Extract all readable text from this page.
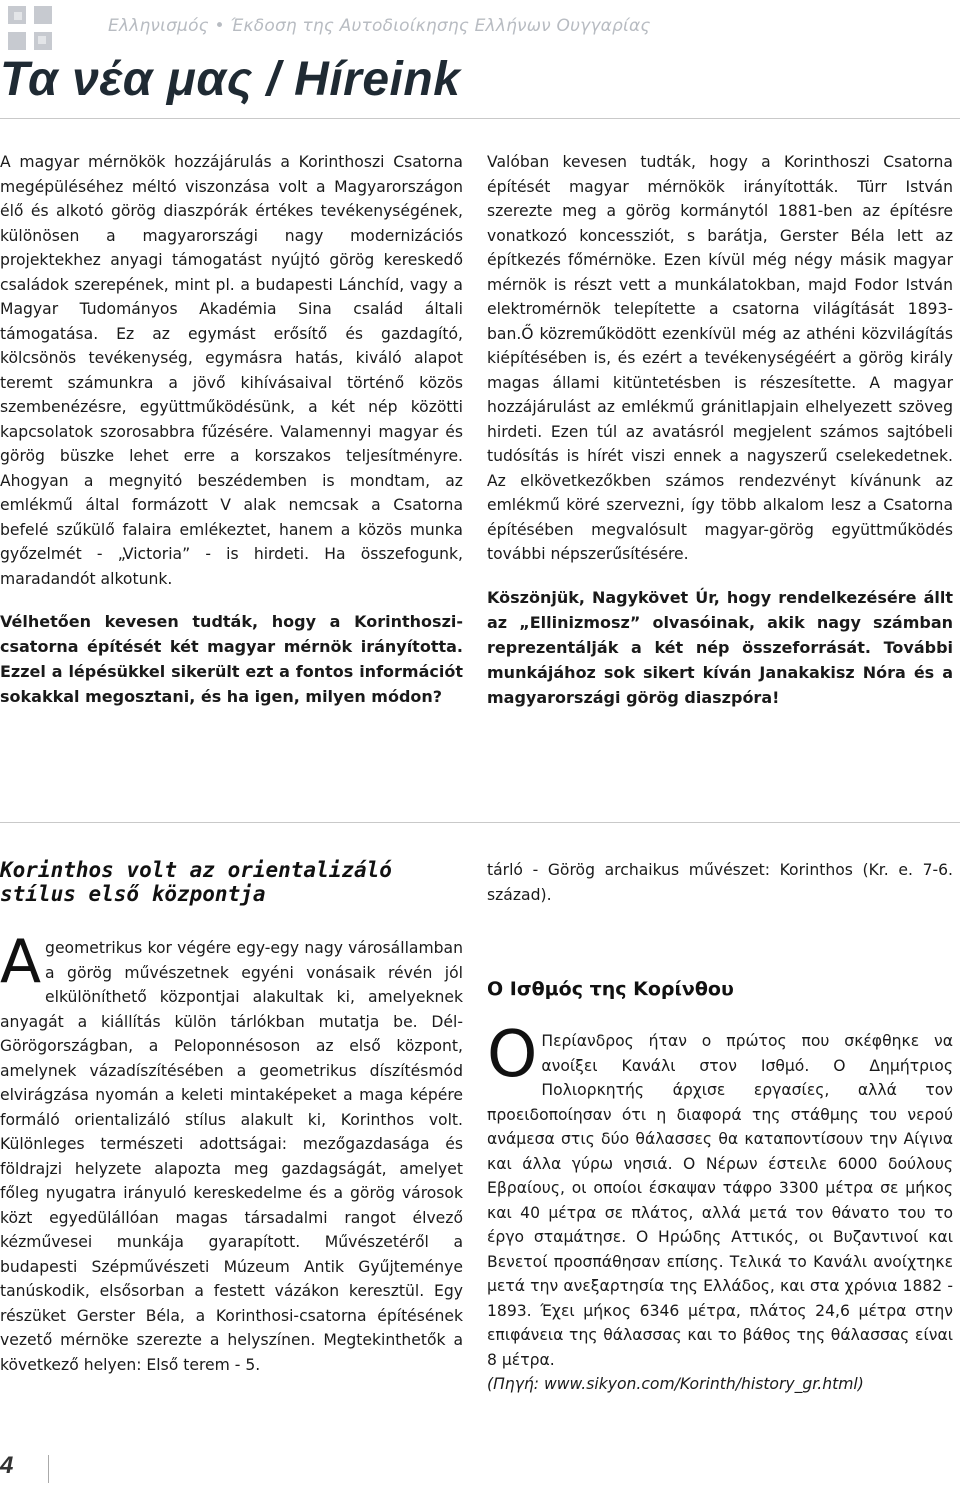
Ελληνισμός • Έκδοση της Αυτοδιοίκησης Ελλήνων Ουγγαρίας
Τα νέα μας / Híreink

A magyar mérnökök hozzájárulás a Korinthoszi Csatorna megépüléséhez méltó viszonzása volt a Magyarországon élő és alkotó görög diaszpórák értékes tevékenységének, különösen a magyarországi nagy modernizációs projektekhez anyagi támogatást nyújtó görög kereskedő családok szerepének, mint pl. a budapesti Lánchíd, vagy a Magyar Tudományos Akadémia Sina család általi támogatása. Ez az egymást erősítő és gazdagító, kölcsönös tevékenység, egymásra hatás, kiváló alapot teremt számunkra a jövő kihívásaival történő közös szembenézésre, együttműködésünk, a két nép közötti kapcsolatok szorosabbra fűzésére. Valamennyi magyar és görög büszke lehet erre a korszakos teljesítményre. Ahogyan a megnyitó beszédemben is mondtam, az emlékmű által formázott V alak nemcsak a Csatorna befelé szűkülő falaira emlékeztet, hanem a közös munka győzelmét - „Victoria” - is hirdeti. Ha összefogunk, maradandót alkotunk.

Vélhetően kevesen tudták, hogy a Korinthoszi-csatorna építését két magyar mérnök irányította. Ezzel a lépésükkel sikerült ezt a fontos információt sokakkal megosztani, és ha igen, milyen módon?

Valóban kevesen tudták, hogy a Korinthoszi Csatorna építését magyar mérnökök irányították. Türr István szerezte meg a görög kormánytól 1881-ben az építésre vonatkozó koncessziót, s barátja, Gerster Béla lett az építkezés főmérnöke. Ezen kívül még négy másik magyar mérnök is részt vett a munkálatokban, majd Fodor István elektromérnök telepítette a csatorna világítását 1893-ban.Ő közreműködött ezenkívül még az athéni közvilágítás kiépítésében is, és ezért a tevékenységéért a görög király magas állami kitüntetésben is részesítette. A magyar hozzájárulást az emlékmű gránitlapjain elhelyezett szöveg hirdeti. Ezen túl az avatásról megjelent számos sajtóbeli tudósítás is hírét viszi ennek a nagyszerű cselekedetnek. Az elkövetkezőkben számos rendezvényt kívánunk az emlékmű köré szervezni, így több alkalom lesz a Csatorna építésében megvalósult magyar-görög együttműködés további népszerűsítésére.

Köszönjük, Nagykövet Úr, hogy rendelkezésére állt az „Ellinizmosz” olvasóinak, akik nagy számban reprezentálják a két nép összeforrását. További munkájához sok sikert kíván Janakakisz Nóra és a magyarországi görög diaszpóra!

Korinthos volt az orientalizáló stílus első központja

Ageometrikus kor végére egy-egy nagy városállamban a görög művészetnek egyéni vonásaik révén jól elkülöníthető központjai alakultak ki, amelyeknek anyagát a kiállítás külön tárlókban mutatja be. Dél-Görögországban, a Peloponnésoson az első központ, amelynek vázadíszítésében a geometrikus díszítésmód elvirágzása nyomán a keleti mintaképeket a maga képére formáló orientalizáló stílus alakult ki, Korinthos volt. Különleges természeti adottságai: mezőgazdasága és földrajzi helyzete alapozta meg gazdagságát, amelyet főleg nyugatra irányuló kereskedelme és a görög városok közt egyedülállóan magas társadalmi rangot élvező kézművesei munkája gyarapított. Művészetéről a budapesti Szépművészeti Múzeum Antik Gyűjteménye tanúskodik, elsősorban a festett vázákon keresztül. Egy részüket Gerster Béla, a Korinthosi-csatorna építésének vezető mérnöke szerezte a helyszínen. Megtekinthetők a következő helyen: Első terem - 5.

tárló - Görög archaikus művészet: Korinthos (Kr. e. 7-6. század).

Ο Ισθμός της Κορίνθου

Ο Περίανδρος ήταν ο πρώτος που σκέφθηκε να ανοίξει Κανάλι στον Ισθμό. Ο Δημήτριος Πολιορκητής άρχισε εργασίες, αλλά τον προειδοποίησαν ότι η διαφορά της στάθμης του νερού ανάμεσα στις δύο θάλασσες θα καταποντίσουν την Αίγινα και άλλα γύρω νησιά. Ο Νέρων έστειλε 6000 δούλους Εβραίους, οι οποίοι έσκαψαν τάφρο 3300 μέτρα σε μήκος και 40 μέτρα σε πλάτος, αλλά μετά τον θάνατο του το έργο σταμάτησε. Ο Ηρώδης Αττικός, οι Βυζαντινοί και Βενετοί προσπάθησαν επίσης. Τελικά το Κανάλι ανοίχτηκε μετά την ανεξαρτησία της Ελλάδος, και στα χρόνια 1882 - 1893. Έχει μήκος 6346 μέτρα, πλάτος 24,6 μέτρα στην επιφάνεια της θάλασσας και το βάθος της θάλασσας είναι 8 μέτρα.

(Πηγή: www.sikyon.com/Korinth/history_gr.html)

4
